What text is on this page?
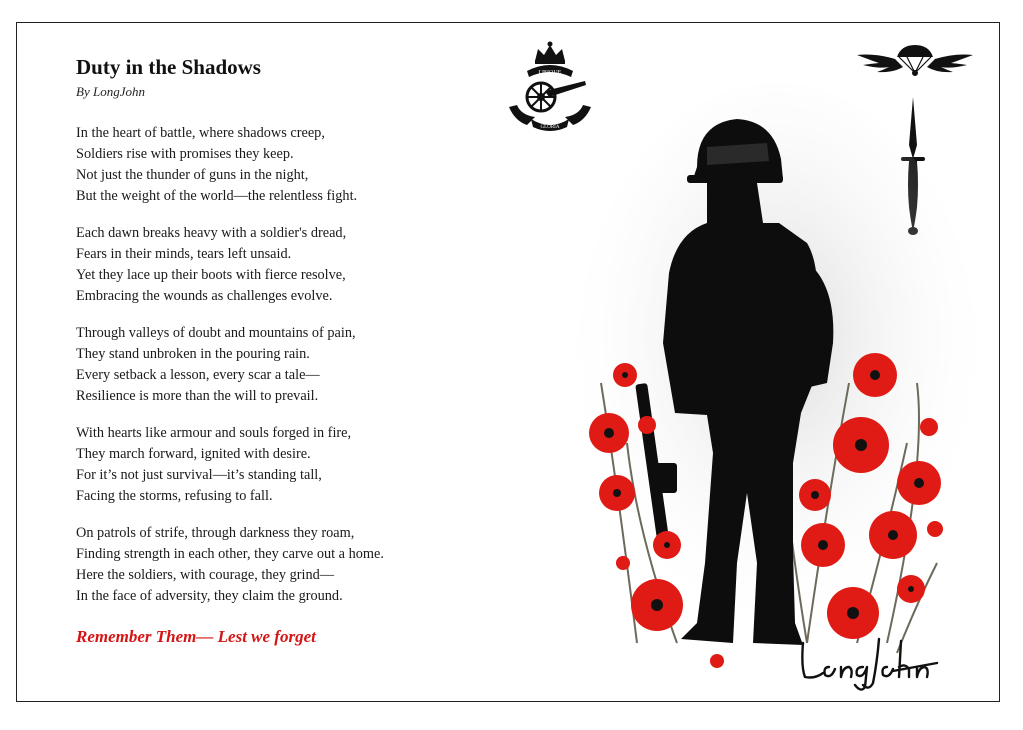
Duty in the Shadows

By LongJohn

In the heart of battle, where shadows creep,
Soldiers rise with promises they keep.
Not just the thunder of guns in the night,
But the weight of the world—the relentless fight.
Each dawn breaks heavy with a soldier's dread,
Fears in their minds, tears left unsaid.
Yet they lace up their boots with fierce resolve,
Embracing the wounds as challenges evolve.
Through valleys of doubt and mountains of pain,
They stand unbroken in the pouring rain.
Every setback a lesson, every scar a tale—
Resilience is more than the will to prevail.
With hearts like armour and souls forged in fire,
They march forward, ignited with desire.
For it’s not just survival—it’s standing tall,
Facing the storms, refusing to fall.
On patrols of strife, through darkness they roam,
Finding strength in each other, they carve out a home.
Here the soldiers, with courage, they grind—
In the face of adversity, they claim the ground.
Remember Them— Lest we forget
UBIQUE
GLORIA
